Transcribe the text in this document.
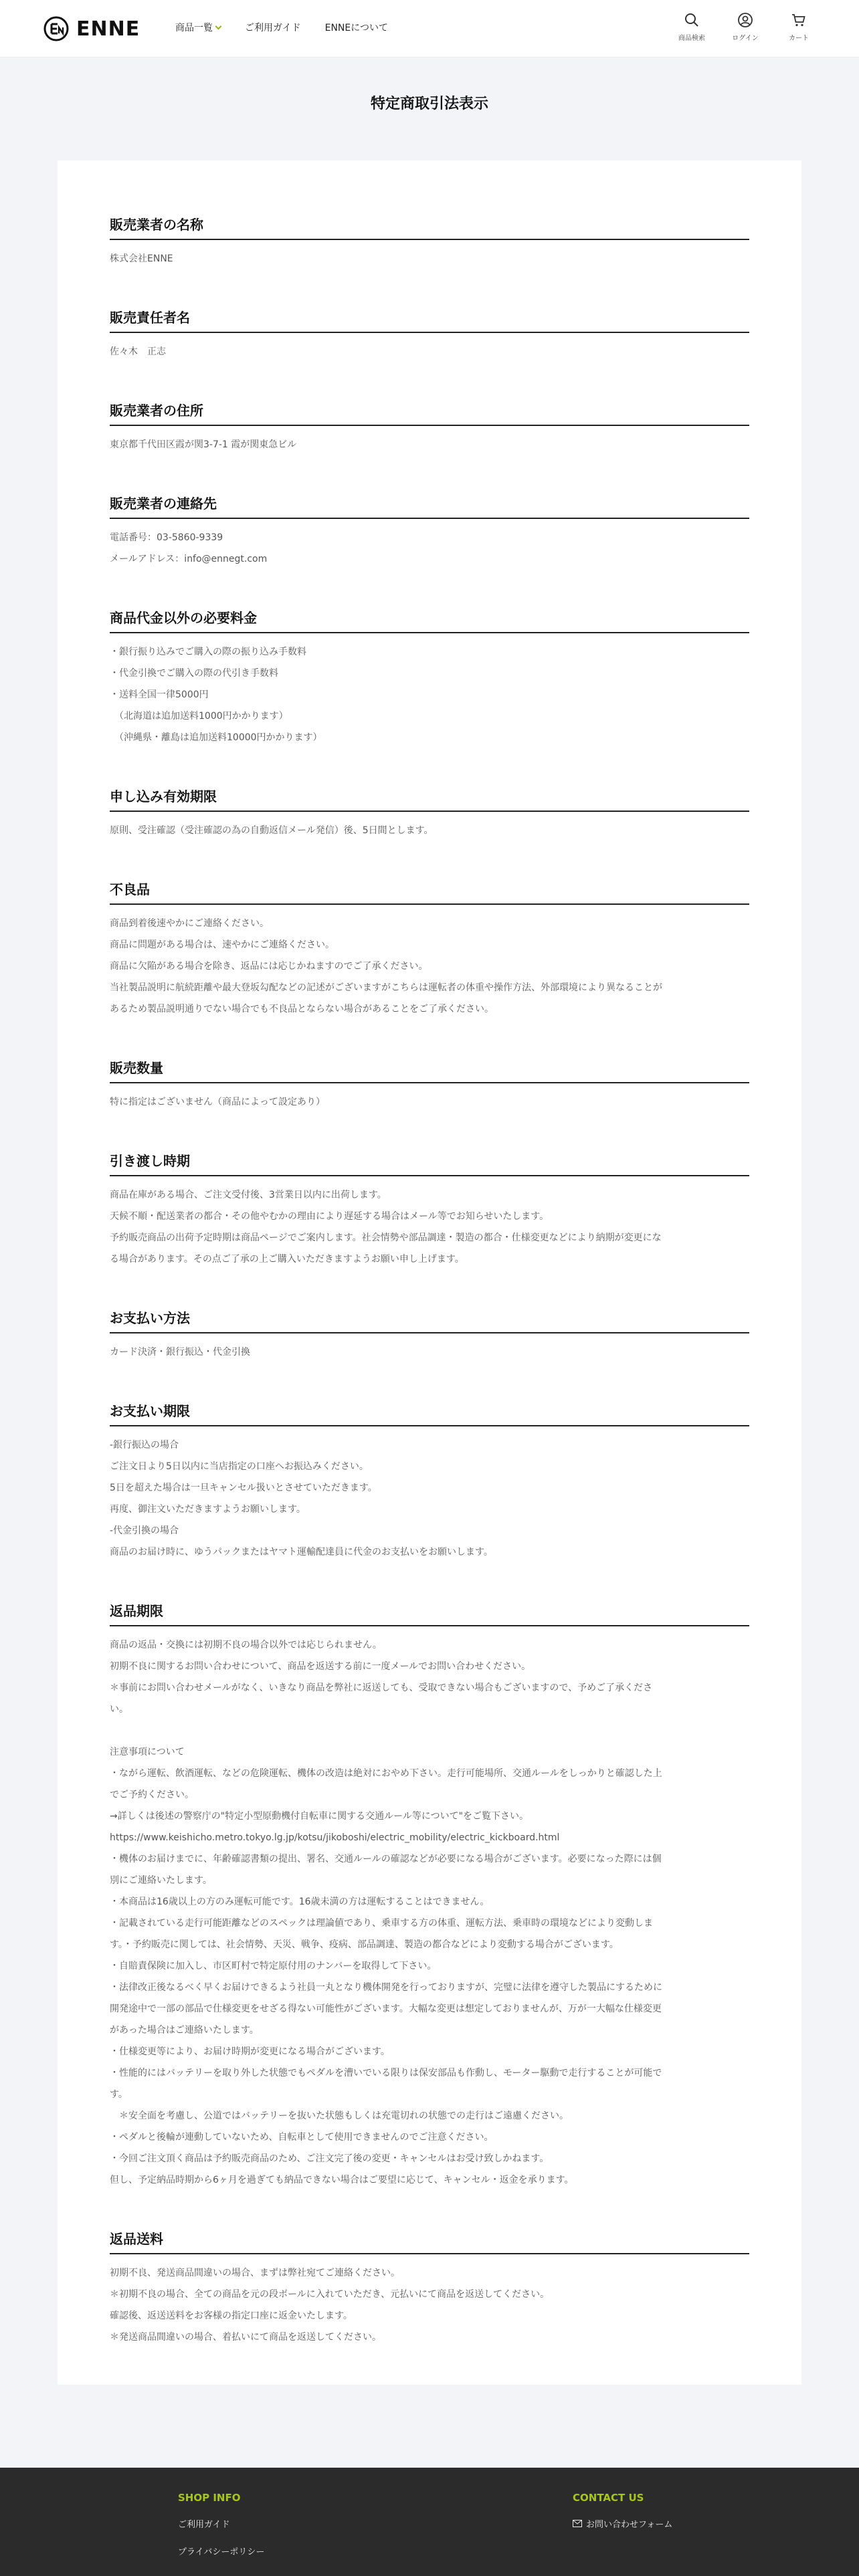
ENNE	商品一覧	ご利用ガイド	ENNEについて
商品検索	ログイン	カート
特定商取引法表示
販売業者の名称

株式会社ENNE

販売責任者名

佐々木　正志

販売業者の住所

東京都千代田区霞が関3-7-1 霞が関東急ビル

販売業者の連絡先

電話番号：03-5860-9339

メールアドレス：info@ennegt.com

商品代金以外の必要料金

・銀行振り込みでご購入の際の振り込み手数料

・代金引換でご購入の際の代引き手数料

・送料全国一律5000円

　（北海道は追加送料1000円かかります）

　（沖縄県・離島は追加送料10000円かかります）

申し込み有効期限

原則、受注確認（受注確認の為の自動返信メール発信）後、5日間とします。

不良品

商品到着後速やかにご連絡ください。

商品に問題がある場合は、速やかにご連絡ください。

商品に欠陥がある場合を除き、返品には応じかねますのでご了承ください。

当社製品説明に航続距離や最大登坂勾配などの記述がございますがこちらは運転者の体重や操作方法、外部環境により異なることが

あるため製品説明通りでない場合でも不良品とならない場合があることをご了承ください。

販売数量

特に指定はございません（商品によって設定あり）

引き渡し時期

商品在庫がある場合、ご注文受付後、3営業日以内に出荷します。

天候不順・配送業者の都合・その他やむかの理由により遅延する場合はメール等でお知らせいたします。

予約販売商品の出荷予定時期は商品ページでご案内します。社会情勢や部品調達・製造の都合・仕様変更などにより納期が変更にな

る場合があります。その点ご了承の上ご購入いただきますようお願い申し上げます。

お支払い方法

カード決済・銀行振込・代金引換

お支払い期限

-銀行振込の場合

ご注文日より5日以内に当店指定の口座へお振込みください。

5日を超えた場合は一旦キャンセル扱いとさせていただきます。

再度、御注文いただきますようお願いします。

-代金引換の場合

商品のお届け時に、ゆうパックまたはヤマト運輸配達員に代金のお支払いをお願いします。

返品期限

商品の返品・交換には初期不良の場合以外では応じられません。

初期不良に関するお問い合わせについて、商品を返送する前に一度メールでお問い合わせください。

＊事前にお問い合わせメールがなく、いきなり商品を弊社に返送しても、受取できない場合もございますので、予めご了承くださ

い。

注意事項について

・ながら運転、飲酒運転、などの危険運転、機体の改造は絶対におやめ下さい。走行可能場所、交通ルールをしっかりと確認した上

でご予約ください。

→詳しくは後述の警察庁の"特定小型原動機付自転車に関する交通ルール等について"をご覧下さい。

https://www.keishicho.metro.tokyo.lg.jp/kotsu/jikoboshi/electric_mobility/electric_kickboard.html

・機体のお届けまでに、年齢確認書類の提出、署名、交通ルールの確認などが必要になる場合がございます。必要になった際には個

別にご連絡いたします。

・本商品は16歳以上の方のみ運転可能です。16歳未満の方は運転することはできません。

・記載されている走行可能距離などのスペックは理論値であり、乗車する方の体重、運転方法、乗車時の環境などにより変動しま

す。・予約販売に関しては、社会情勢、天災、戦争、疫病、部品調達、製造の都合などにより変動する場合がございます。

・自賠責保険に加入し、市区町村で特定原付用のナンバーを取得して下さい。

・法律改正後なるべく早くお届けできるよう社員一丸となり機体開発を行っておりますが、完璧に法律を遵守した製品にするために

開発途中で一部の部品で仕様変更をせざる得ない可能性がございます。大幅な変更は想定しておりませんが、万が一大幅な仕様変更

があった場合はご連絡いたします。

・仕様変更等により、お届け時期が変更になる場合がございます。

・性能的にはバッテリーを取り外した状態でもペダルを漕いでいる限りは保安部品も作動し、モーター駆動で走行することが可能で

す。

　＊安全面を考慮し、公道ではバッテリーを抜いた状態もしくは充電切れの状態での走行はご遠慮ください。

・ペダルと後輪が連動していないため、自転車として使用できませんのでご注意ください。

・今回ご注文頂く商品は予約販売商品のため、ご注文完了後の変更・キャンセルはお受け致しかねます。

但し、予定納品時期から6ヶ月を過ぎても納品できない場合はご要望に応じて、キャンセル・返金を承ります。

返品送料

初期不良、発送商品間違いの場合、まずは弊社宛てご連絡ください。

＊初期不良の場合、全ての商品を元の段ボールに入れていただき、元払いにて商品を返送してください。

確認後、返送送料をお客様の指定口座に返金いたします。

＊発送商品間違いの場合、着払いにて商品を返送してください。

SHOP INFO
ご利用ガイド
プライバシーポリシー
CONTACT US
お問い合わせフォーム
